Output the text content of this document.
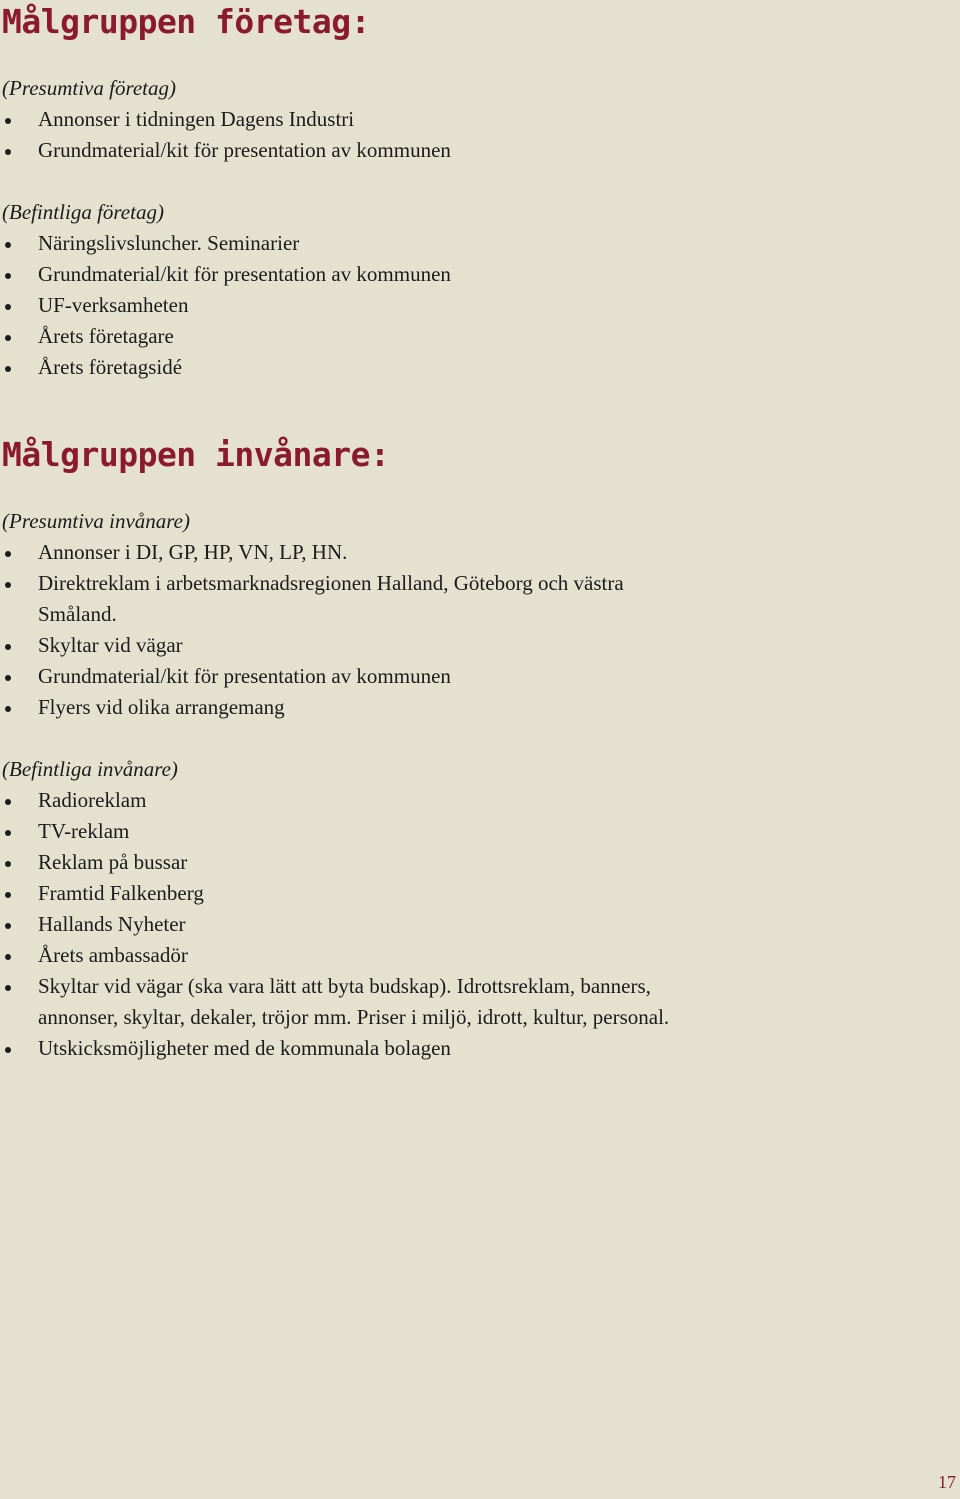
Målgruppen företag:
(Presumtiva företag)
Annonser i tidningen Dagens Industri
Grundmaterial/kit för presentation av kommunen
(Befintliga företag)
Näringslivsluncher. Seminarier
Grundmaterial/kit för presentation av kommunen
UF-verksamheten
Årets företagare
Årets företagsidé
Målgruppen invånare:
(Presumtiva invånare)
Annonser i DI, GP, HP, VN, LP, HN.
Direktreklam i arbetsmarknadsregionen Halland, Göteborg och västra Småland.
Skyltar vid vägar
Grundmaterial/kit för presentation av kommunen
Flyers vid olika arrangemang
(Befintliga invånare)
Radioreklam
TV-reklam
Reklam på bussar
Framtid Falkenberg
Hallands Nyheter
Årets ambassadör
Skyltar vid vägar (ska vara lätt att byta budskap). Idrottsreklam, banners, annonser, skyltar, dekaler, tröjor mm. Priser i miljö, idrott, kultur, personal.
Utskicksmöjligheter med de kommunala bolagen
17
